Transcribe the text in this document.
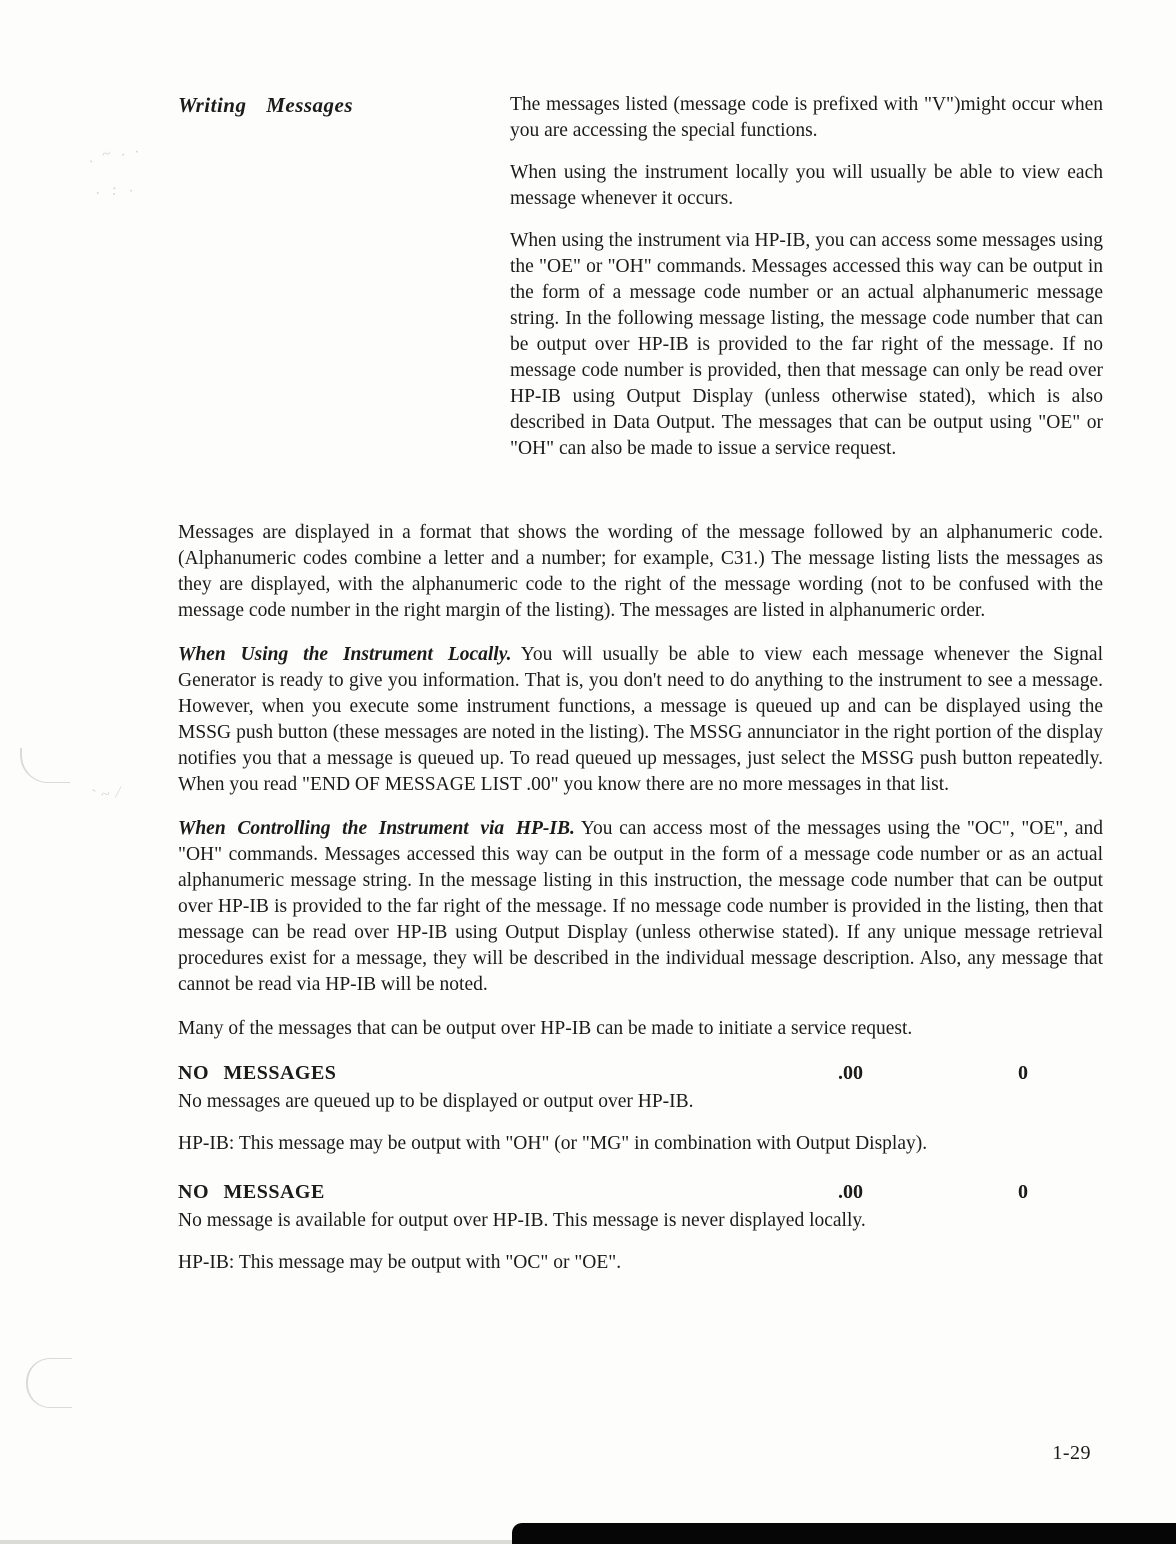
Writing Messages	The messages listed (message code is prefixed with "V")might occur when you are accessing the special functions.

When using the instrument locally you will usually be able to view each message whenever it occurs.

When using the instrument via HP-IB, you can access some messages using the "OE" or "OH" commands. Messages accessed this way can be output in the form of a message code number or an actual alphanumeric message string. In the following message listing, the message code number that can be output over HP-IB is provided to the far right of the message. If no message code number is provided, then that message can only be read over HP-IB using Output Display (unless otherwise stated), which is also described in Data Output. The messages that can be output using "OE" or "OH" can also be made to issue a service request.

Messages are displayed in a format that shows the wording of the message followed by an alphanumeric code. (Alphanumeric codes combine a letter and a number; for example, C31.) The message listing lists the messages as they are displayed, with the alphanumeric code to the right of the message wording (not to be confused with the message code number in the right margin of the listing). The messages are listed in alphanumeric order.

When Using the Instrument Locally. You will usually be able to view each message whenever the Signal Generator is ready to give you information. That is, you don't need to do anything to the instrument to see a message. However, when you execute some instrument functions, a message is queued up and can be displayed using the MSSG push button (these messages are noted in the listing). The MSSG annunciator in the right portion of the display notifies you that a message is queued up. To read queued up messages, just select the MSSG push button repeatedly. When you read "END OF MESSAGE LIST .00" you know there are no more messages in that list.

When Controlling the Instrument via HP-IB. You can access most of the messages using the "OC", "OE", and "OH" commands. Messages accessed this way can be output in the form of a message code number or as an actual alphanumeric message string. In the message listing in this instruction, the message code number that can be output over HP-IB is provided to the far right of the message. If no message code number is provided in the listing, then that message can be read over HP-IB using Output Display (unless otherwise stated). If any unique message retrieval procedures exist for a message, they will be described in the individual message description. Also, any message that cannot be read via HP-IB will be noted.

Many of the messages that can be output over HP-IB can be made to initiate a service request.

NO MESSAGES	.00	0

No messages are queued up to be displayed or output over HP-IB.

HP-IB: This message may be output with "OH" (or "MG" in combination with Output Display).

NO MESSAGE	.00	0

No message is available for output over HP-IB. This message is never displayed locally.

HP-IB: This message may be output with "OC" or "OE".

1-29
. ~ . .
. : ·
` ~  ∕
